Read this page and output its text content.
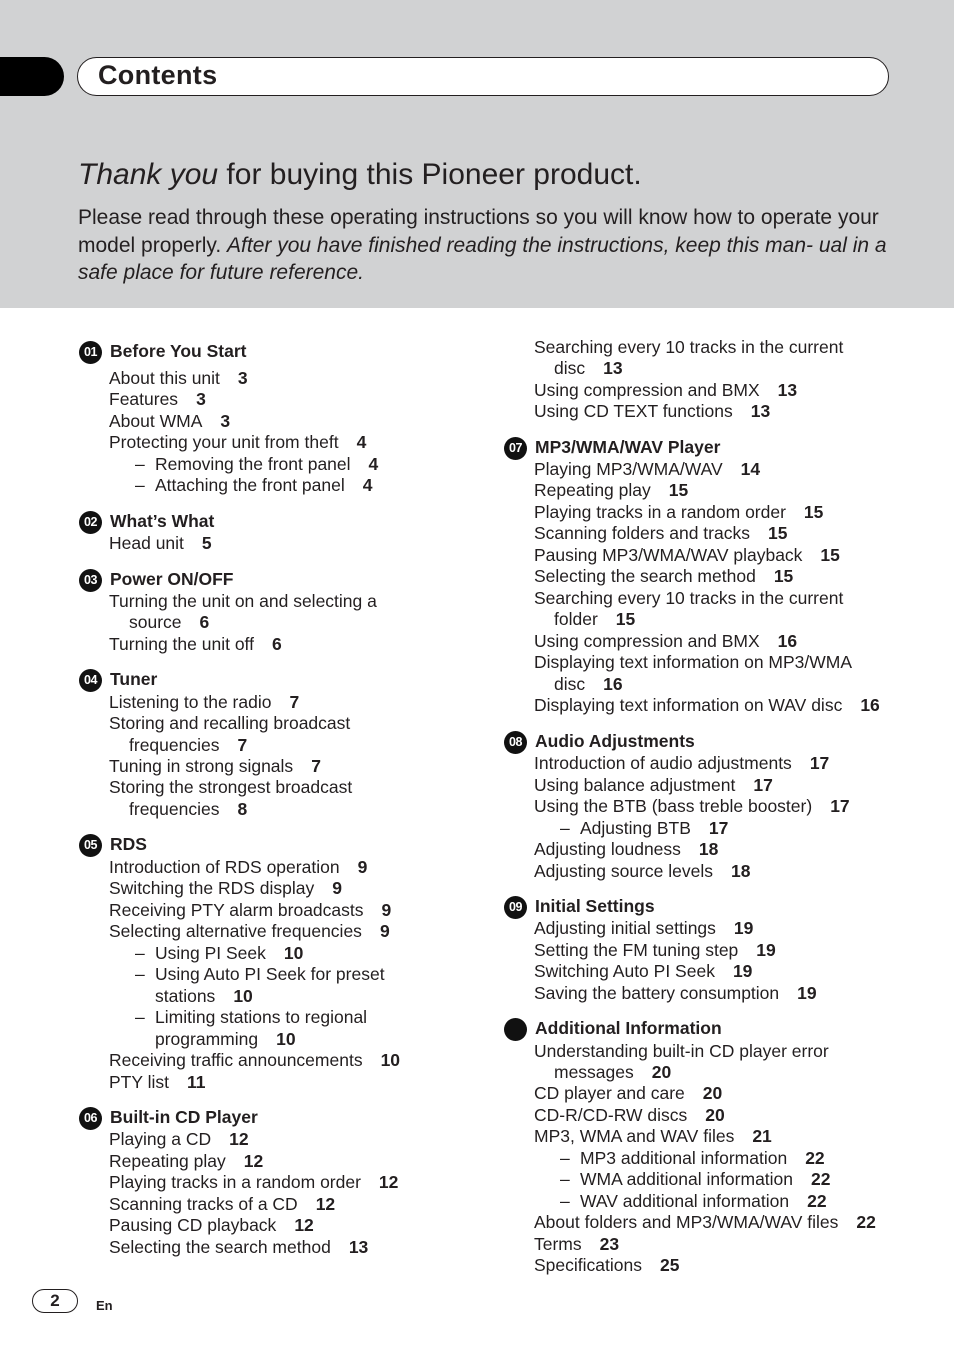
Contents
Thank you for buying this Pioneer product.
Please read through these operating instructions so you will know how to operate your model properly. After you have finished reading the instructions, keep this man- ual in a safe place for future reference.
01 Before You Start
About this unit 3
Features 3
About WMA 3
Protecting your unit from theft 4
– Removing the front panel 4
– Attaching the front panel 4
02 What’s What
Head unit 5
03 Power ON/OFF
Turning the unit on and selecting a
source 6
Turning the unit off 6
04 Tuner
Listening to the radio 7
Storing and recalling broadcast
frequencies 7
Tuning in strong signals 7
Storing the strongest broadcast
frequencies 8
05 RDS
Introduction of RDS operation 9
Switching the RDS display 9
Receiving PTY alarm broadcasts 9
Selecting alternative frequencies 9
– Using PI Seek 10
– Using Auto PI Seek for preset
stations 10
– Limiting stations to regional
programming 10
Receiving traffic announcements 10
PTY list 11
06 Built-in CD Player
Playing a CD 12
Repeating play 12
Playing tracks in a random order 12
Scanning tracks of a CD 12
Pausing CD playback 12
Selecting the search method 13
Searching every 10 tracks in the current
disc 13
Using compression and BMX 13
Using CD TEXT functions 13
07 MP3/WMA/WAV Player
Playing MP3/WMA/WAV 14
Repeating play 15
Playing tracks in a random order 15
Scanning folders and tracks 15
Pausing MP3/WMA/WAV playback 15
Selecting the search method 15
Searching every 10 tracks in the current
folder 15
Using compression and BMX 16
Displaying text information on MP3/WMA
disc 16
Displaying text information on WAV disc 16
08 Audio Adjustments
Introduction of audio adjustments 17
Using balance adjustment 17
Using the BTB (bass treble booster) 17
– Adjusting BTB 17
Adjusting loudness 18
Adjusting source levels 18
09 Initial Settings
Adjusting initial settings 19
Setting the FM tuning step 19
Switching Auto PI Seek 19
Saving the battery consumption 19
Additional Information
Understanding built-in CD player error
messages 20
CD player and care 20
CD-R/CD-RW discs 20
MP3, WMA and WAV files 21
– MP3 additional information 22
– WMA additional information 22
– WAV additional information 22
About folders and MP3/WMA/WAV files 22
Terms 23
Specifications 25
2	En
